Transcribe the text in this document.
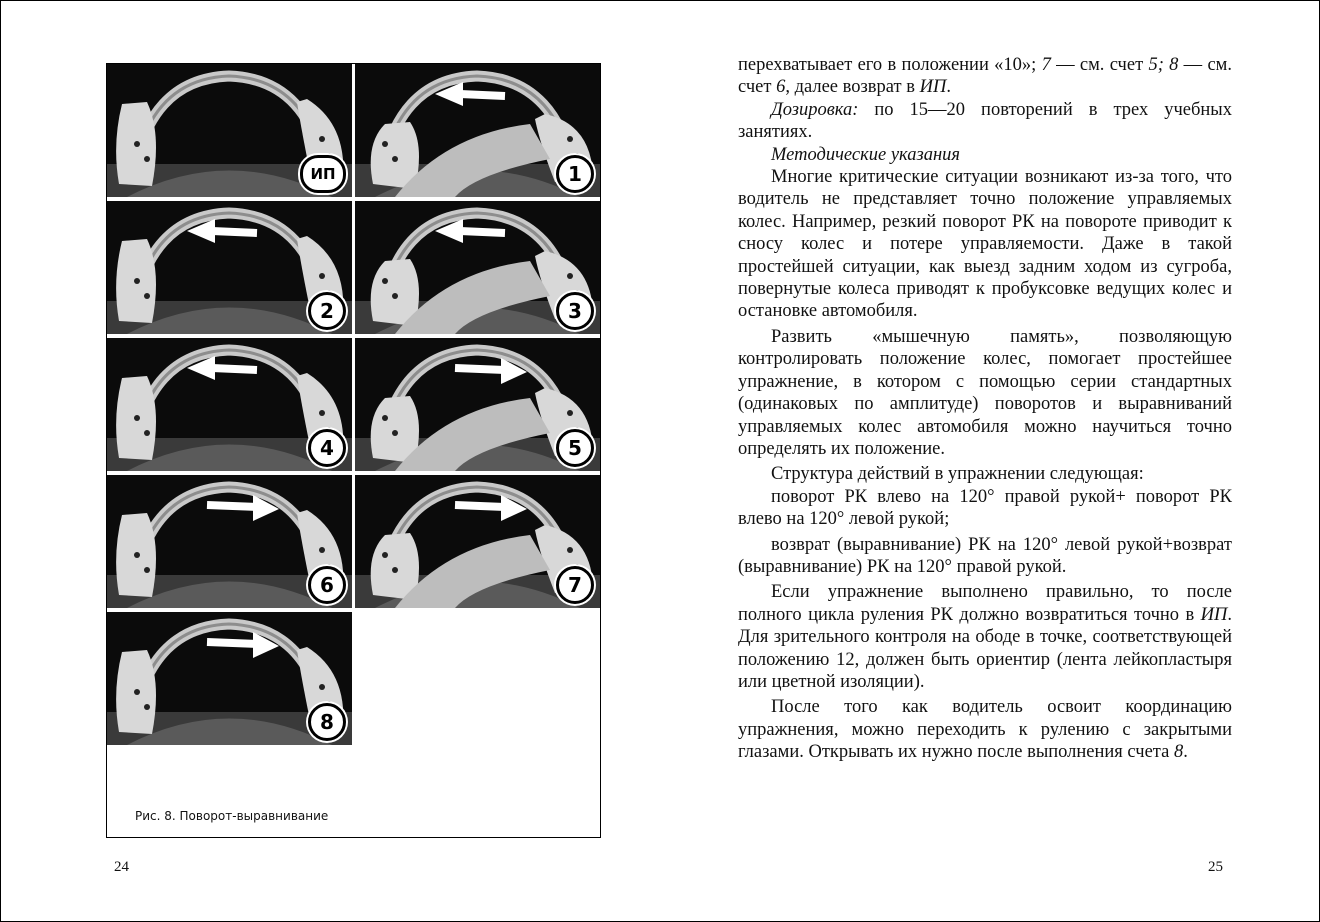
ИП	1
2	3
4	5
6	7
8
Рис. 8. Поворот-выравнивание
24

перехватывает его в положении «10»; 7 — см. счет 5; 8 — см. счет 6, далее возврат в ИП.

Дозировка: по 15—20 повторений в трех учебных занятиях.

Методические указания

Многие критические ситуации возникают из-за того, что водитель не представляет точно положение управляемых колес. Например, резкий поворот РК на повороте приводит к сносу колес и потере управляемости. Даже в такой простейшей ситуации, как выезд задним ходом из сугроба, повернутые колеса приводят к пробуксовке ведущих колес и остановке автомобиля.

Развить «мышечную память», позволяющую контролировать положение колес, помогает простейшее упражнение, в котором с помощью серии стандартных (одинаковых по амплитуде) поворотов и выравниваний управляемых колес автомобиля можно научиться точно определять их положение.

Структура действий в упражнении следующая:

поворот РК влево на 120° правой рукой+ поворот РК влево на 120° левой рукой;

возврат (выравнивание) РК на 120° левой рукой+возврат (выравнивание) РК на 120° правой рукой.

Если упражнение выполнено правильно, то после полного цикла руления РК должно возвратиться точно в ИП. Для зрительного контроля на ободе в точке, соответствующей положению 12, должен быть ориентир (лента лейкопластыря или цветной изоляции).

После того как водитель освоит координацию упражнения, можно переходить к рулению с закрытыми глазами. Открывать их нужно после выполнения счета 8.

25
